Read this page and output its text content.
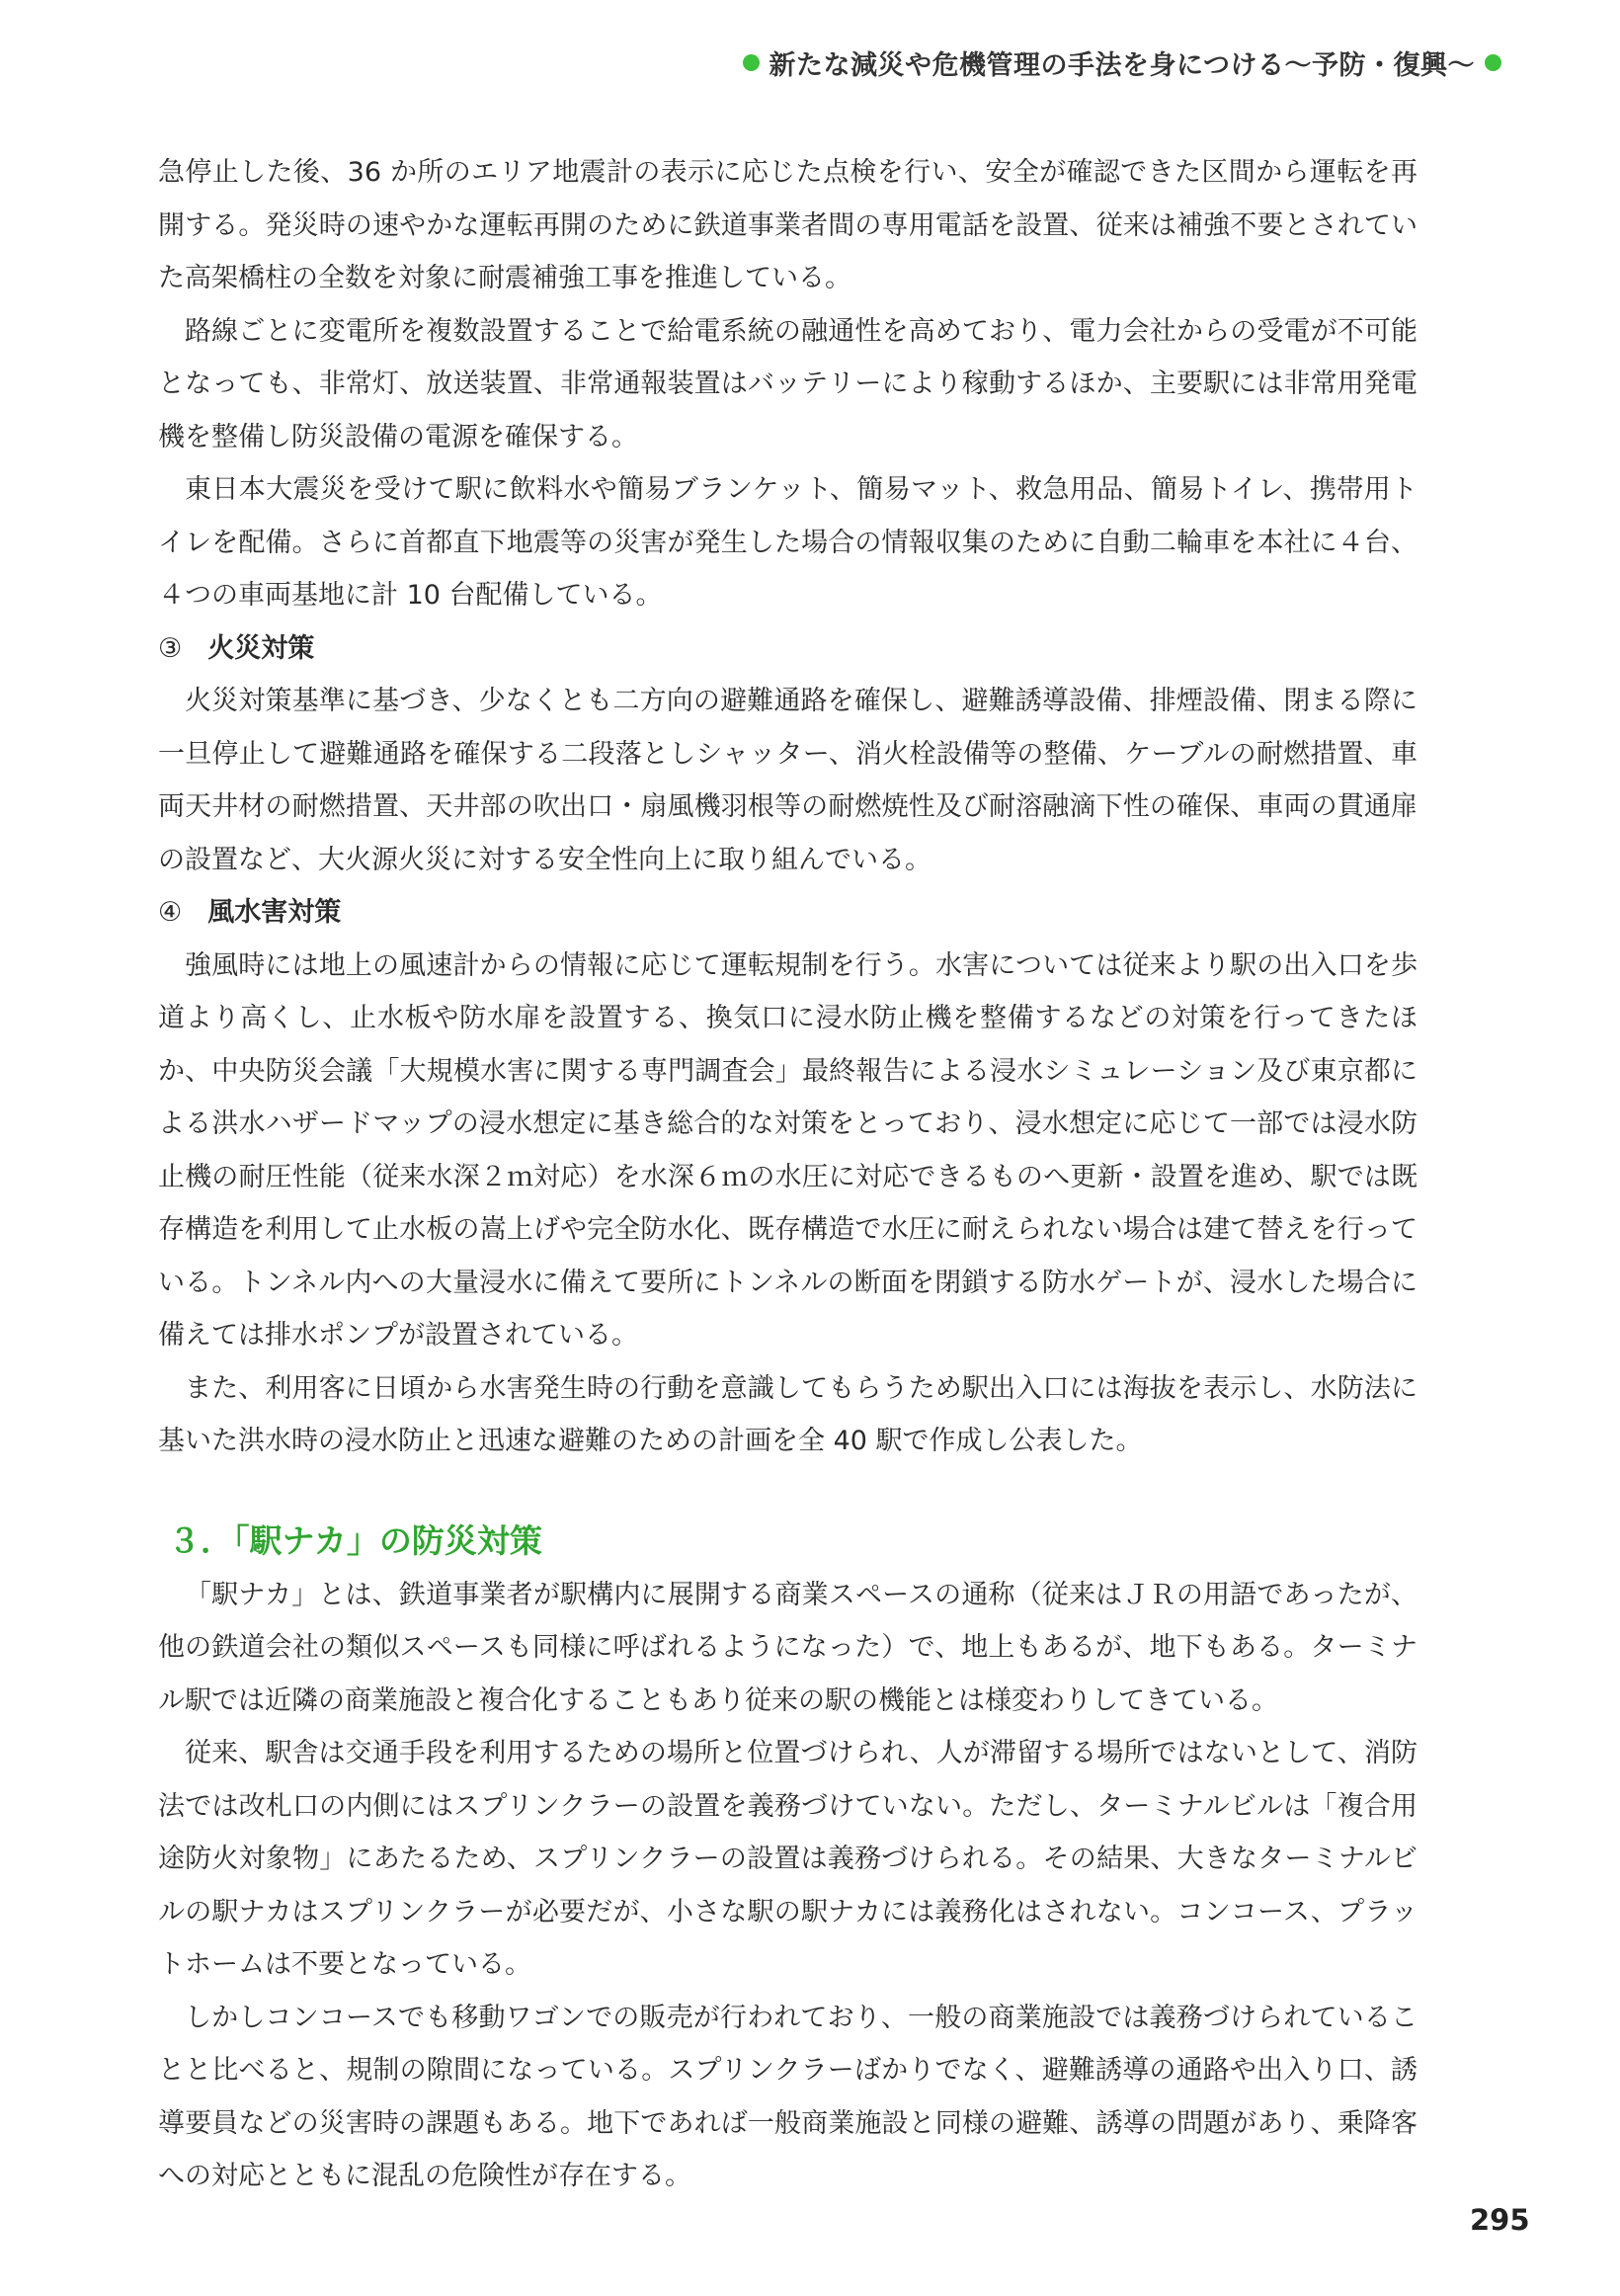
新たな減災や危機管理の手法を身につける～予防・復興～

急停止した後、36 か所のエリア地震計の表示に応じた点検を行い、安全が確認できた区間から運転を再開する。発災時の速やかな運転再開のために鉄道事業者間の専用電話を設置、従来は補強不要とされていた高架橋柱の全数を対象に耐震補強工事を推進している。

路線ごとに変電所を複数設置することで給電系統の融通性を高めており、電力会社からの受電が不可能となっても、非常灯、放送装置、非常通報装置はバッテリーにより稼動するほか、主要駅には非常用発電機を整備し防災設備の電源を確保する。

東日本大震災を受けて駅に飲料水や簡易ブランケット、簡易マット、救急用品、簡易トイレ、携帯用トイレを配備。さらに首都直下地震等の災害が発生した場合の情報収集のために自動二輪車を本社に４台、４つの車両基地に計 10 台配備している。

③ 火災対策

火災対策基準に基づき、少なくとも二方向の避難通路を確保し、避難誘導設備、排煙設備、閉まる際に一旦停止して避難通路を確保する二段落としシャッター、消火栓設備等の整備、ケーブルの耐燃措置、車両天井材の耐燃措置、天井部の吹出口・扇風機羽根等の耐燃焼性及び耐溶融滴下性の確保、車両の貫通扉の設置など、大火源火災に対する安全性向上に取り組んでいる。

④ 風水害対策

強風時には地上の風速計からの情報に応じて運転規制を行う。水害については従来より駅の出入口を歩道より高くし、止水板や防水扉を設置する、換気口に浸水防止機を整備するなどの対策を行ってきたほか、中央防災会議「大規模水害に関する専門調査会」最終報告による浸水シミュレーション及び東京都による洪水ハザードマップの浸水想定に基き総合的な対策をとっており、浸水想定に応じて一部では浸水防止機の耐圧性能（従来水深２ｍ対応）を水深６ｍの水圧に対応できるものへ更新・設置を進め、駅では既存構造を利用して止水板の嵩上げや完全防水化、既存構造で水圧に耐えられない場合は建て替えを行っている。トンネル内への大量浸水に備えて要所にトンネルの断面を閉鎖する防水ゲートが、浸水した場合に備えては排水ポンプが設置されている。

また、利用客に日頃から水害発生時の行動を意識してもらうため駅出入口には海抜を表示し、水防法に基いた洪水時の浸水防止と迅速な避難のための計画を全 40 駅で作成し公表した。

３．「駅ナカ」の防災対策

「駅ナカ」とは、鉄道事業者が駅構内に展開する商業スペースの通称（従来はＪＲの用語であったが、他の鉄道会社の類似スペースも同様に呼ばれるようになった）で、地上もあるが、地下もある。ターミナル駅では近隣の商業施設と複合化することもあり従来の駅の機能とは様変わりしてきている。

従来、駅舎は交通手段を利用するための場所と位置づけられ、人が滞留する場所ではないとして、消防法では改札口の内側にはスプリンクラーの設置を義務づけていない。ただし、ターミナルビルは「複合用途防火対象物」にあたるため、スプリンクラーの設置は義務づけられる。その結果、大きなターミナルビルの駅ナカはスプリンクラーが必要だが、小さな駅の駅ナカには義務化はされない。コンコース、プラットホームは不要となっている。

しかしコンコースでも移動ワゴンでの販売が行われており、一般の商業施設では義務づけられていることと比べると、規制の隙間になっている。スプリンクラーばかりでなく、避難誘導の通路や出入り口、誘導要員などの災害時の課題もある。地下であれば一般商業施設と同様の避難、誘導の問題があり、乗降客への対応とともに混乱の危険性が存在する。

295
